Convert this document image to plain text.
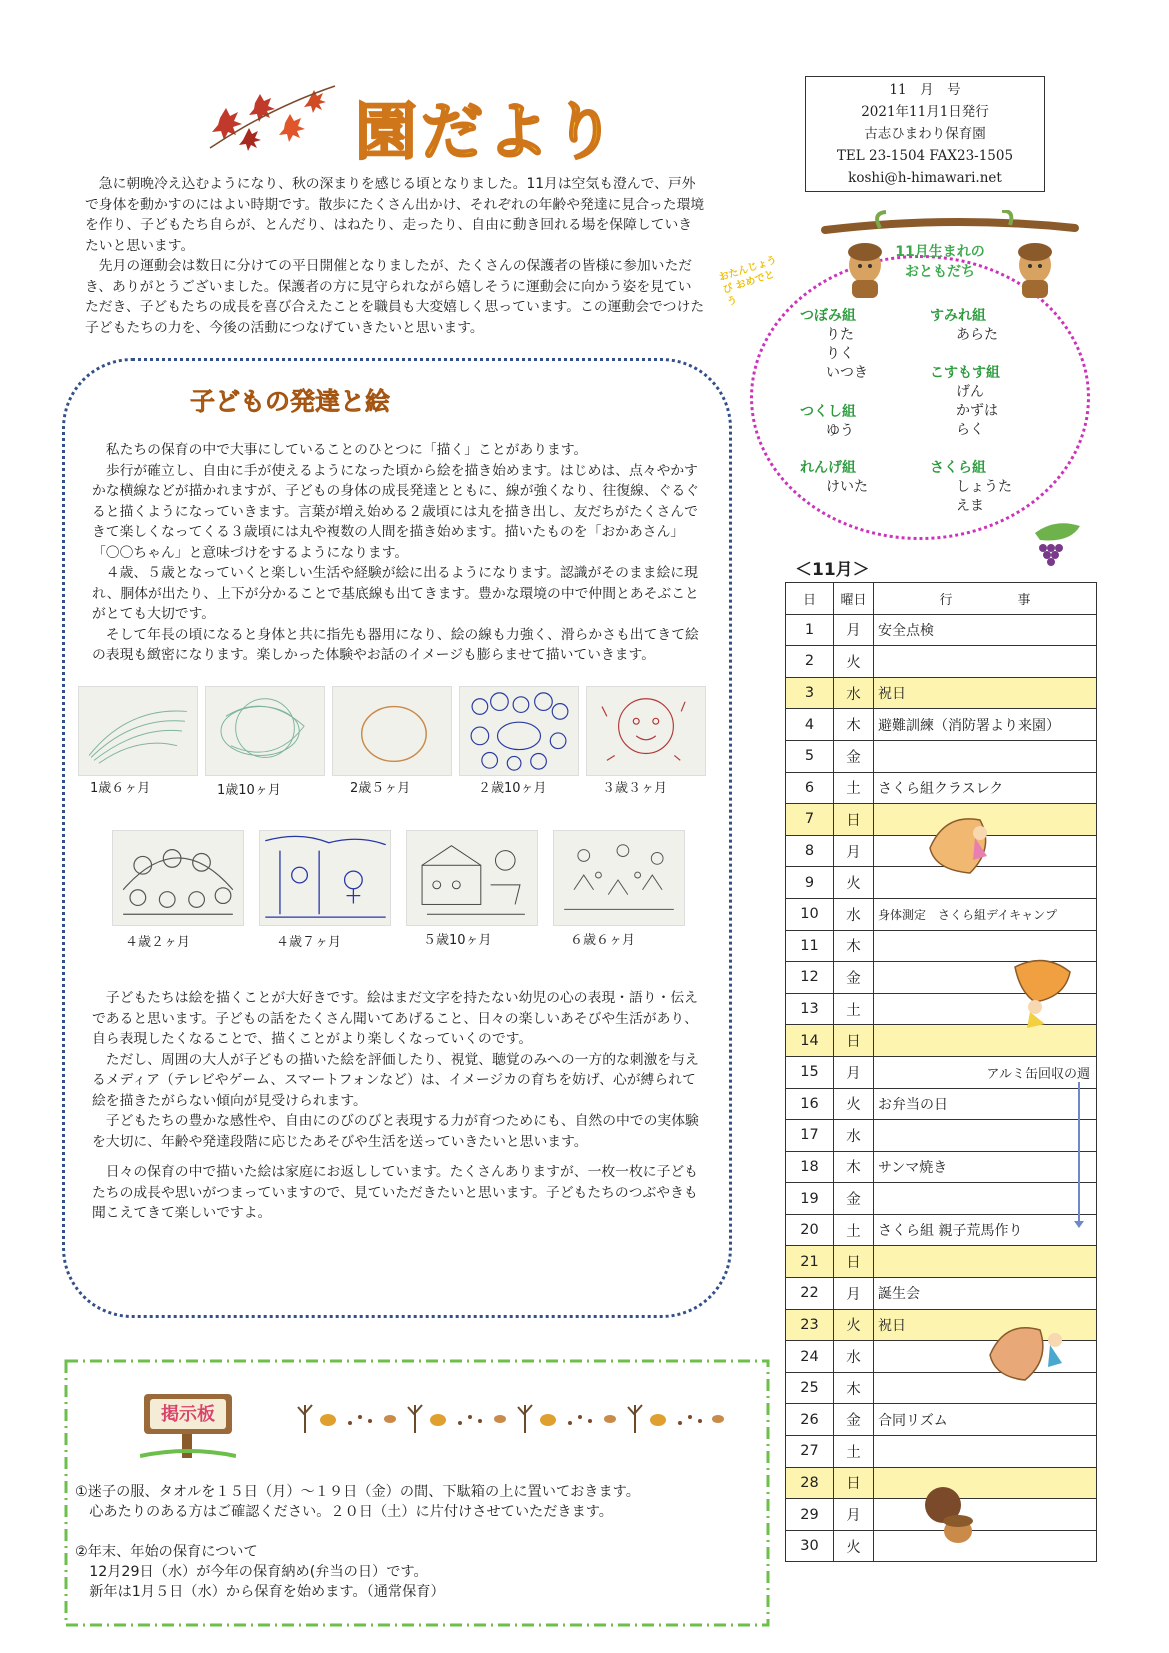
園だより
11　月　号
2021年11月1日発行
古志ひまわり保育園
TEL 23-1504 FAX23-1505
koshi@h-himawari.net

急に朝晩冷え込むようになり、秋の深まりを感じる頃となりました。11月は空気も澄んで、戸外で身体を動かすのにはよい時期です。散歩にたくさん出かけ、それぞれの年齢や発達に見合った環境を作り、子どもたち自らが、とんだり、はねたり、走ったり、自由に動き回れる場を保障していきたいと思います。

先月の運動会は数日に分けての平日開催となりましたが、たくさんの保護者の皆様に参加いただき、ありがとうございました。保護者の方に見守られながら嬉しそうに運動会に向かう姿を見ていただき、子どもたちの成長を喜び合えたことを職員も大変嬉しく思っています。この運動会でつけた子どもたちの力を、今後の活動につなげていきたいと思います。

子どもの発達と絵

私たちの保育の中で大事にしていることのひとつに「描く」ことがあります。

歩行が確立し、自由に手が使えるようになった頃から絵を描き始めます。はじめは、点々やかすかな横線などが描かれますが、子どもの身体の成長発達とともに、線が強くなり、往復線、ぐるぐると描くようになっていきます。言葉が増え始める２歳頃には丸を描き出し、友だちがたくさんできて楽しくなってくる３歳頃には丸や複数の人間を描き始めます。描いたものを「おかあさん」「〇〇ちゃん」と意味づけをするようになります。

４歳、５歳となっていくと楽しい生活や経験が絵に出るようになります。認識がそのまま絵に現れ、胴体が出たり、上下が分かることで基底線も出てきます。豊かな環境の中で仲間とあそぶことがとても大切です。

そして年長の頃になると身体と共に指先も器用になり、絵の線も力強く、滑らかさも出てきて絵の表現も緻密になります。楽しかった体験やお話のイメージも膨らませて描いていきます。

1歳６ヶ月	1歳10ヶ月	2歳５ヶ月	２歳10ヶ月	３歳３ヶ月
４歳２ヶ月	４歳７ヶ月	５歳10ヶ月	６歳６ヶ月

子どもたちは絵を描くことが大好きです。絵はまだ文字を持たない幼児の心の表現・語り・伝えであると思います。子どもの話をたくさん聞いてあげること、日々の楽しいあそびや生活があり、自ら表現したくなることで、描くことがより楽しくなっていくのです。

ただし、周囲の大人が子どもの描いた絵を評価したり、視覚、聴覚のみへの一方的な刺激を与えるメディア（テレビやゲーム、スマートフォンなど）は、イメージカの育ちを妨げ、心が縛られて絵を描きたがらない傾向が見受けられます。

子どもたちの豊かな感性や、自由にのびのびと表現する力が育つためにも、自然の中での実体験を大切に、年齢や発達段階に応じたあそびや生活を送っていきたいと思います。

日々の保育の中で描いた絵は家庭にお返ししています。たくさんありますが、一枚一枚に子どもたちの成長や思いがつまっていますので、見ていただきたいと思います。子どもたちのつぶやきも聞こえてきて楽しいですよ。

11月生まれの おともだち
おたんじょうび おめでとう
つぼみ組
りた
りく
いつき
すみれ組
あらた
こすもす組
げん
かずは
らく
つくし組
ゆう
れんげ組
けいた
さくら組
しょうた
えま
＜11月＞
日	曜日	行　　　　　事
1	月	安全点検
2	火	
3	水	祝日
4	木	避難訓練（消防署より来園）
5	金	
6	土	さくら組クラスレク
7	日	
8	月	
9	火	
10	水	身体測定　さくら組デイキャンプ
11	木	
12	金	
13	土	
14	日	
15	月	アルミ缶回収の週
16	火	お弁当の日
17	水	
18	木	サンマ焼き
19	金	
20	土	さくら組 親子荒馬作り
21	日	
22	月	誕生会
23	火	祝日
24	水	
25	木	
26	金	合同リズム
27	土	
28	日	
29	月	
30	火	
掲示板
①迷子の服、タオルを１５日（月）～１９日（金）の間、下駄箱の上に置いておきます。
　心あたりのある方はご確認ください。２０日（土）に片付けさせていただきます。
②年末、年始の保育について
　12月29日（水）が今年の保育納め(弁当の日）です。
　新年は1月５日（水）から保育を始めます。（通常保育）
